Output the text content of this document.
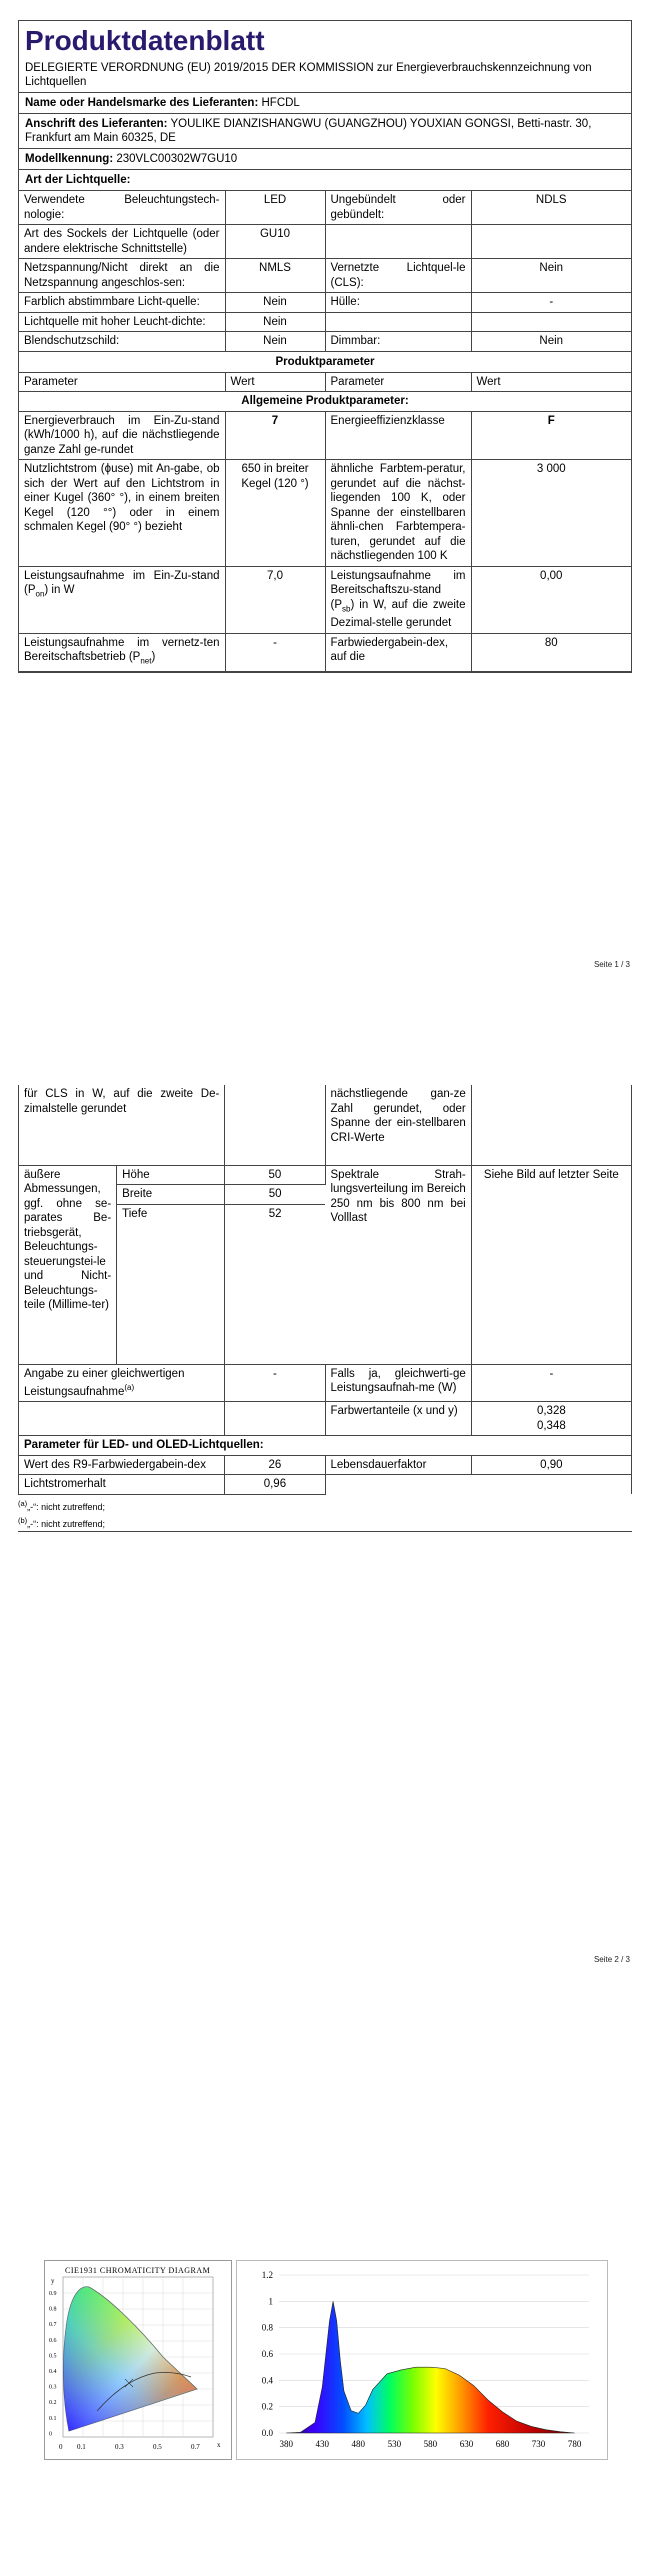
Produktdatenblatt
DELEGIERTE VERORDNUNG (EU) 2019/2015 DER KOMMISSION zur Energieverbrauchskennzeichnung von Lichtquellen
Name oder Handelsmarke des Lieferanten: HFCDL
Anschrift des Lieferanten: YOULIKE DIANZISHANGWU (GUANGZHOU) YOUXIAN GONGSI, Betti-nastr. 30, Frankfurt am Main 60325, DE
Modellkennung: 230VLC00302W7GU10
Art der Lichtquelle:
Verwendete Beleuchtungstech-nologie:	LED	Ungebündelt oder gebündelt:	NDLS
Art des Sockels der Lichtquelle (oder andere elektrische Schnittstelle)	GU10		
Netzspannung/Nicht direkt an die Netzspannung angeschlos-sen:	NMLS	Vernetzte Lichtquel-le (CLS):	Nein
Farblich abstimmbare Licht-quelle:	Nein	Hülle:	-
Lichtquelle mit hoher Leucht-dichte:	Nein		
Blendschutzschild:	Nein	Dimmbar:	Nein
Produktparameter
Parameter	Wert	Parameter	Wert
Allgemeine Produktparameter:			
Energieverbrauch im Ein-Zu-stand (kWh/1000 h), auf die nächstliegende ganze Zahl ge-rundet	7	Energieeffizienzklasse	F
Nutzlichtstrom (ϕuse) mit An-gabe, ob sich der Wert auf den Lichtstrom in einer Kugel (360° °), in einem breiten Kegel (120 °°) oder in einem schmalen Kegel (90° °) bezieht	650 in breiter Kegel (120 °)	ähnliche Farbtem-peratur, gerundet auf die nächst-liegenden 100 K, oder Spanne der einstellbaren ähnli-chen Farbtempera-turen, gerundet auf die nächstliegenden 100 K	3 000
Leistungsaufnahme im Ein-Zu-stand $(P_{on})$ in W	7,0	Leistungsaufnahme im Bereitschaftszu-stand $(P_{sb})$ in W, auf die zweite Dezimal-stelle gerundet	0,00
Leistungsaufnahme im vernetz-ten Bereitschaftsbetrieb $(P_{net})$	-	Farbwiedergabein-dex, auf die	80
Seite 1 / 3
für CLS in W, auf die zweite De-zimalstelle gerundet			nächstliegende gan-ze Zahl gerundet, oder Spanne der ein-stellbaren CRI-Werte	
äußere Abmessungen, ggf. ohne se-parates Be-triebsgerät, Beleuchtungs-steuerungstei-le und Nicht-Beleuchtungs-teile (Millime-ter)	Höhe	50	Spektrale Strah-lungsverteilung im Bereich 250 nm bis 800 nm bei Volllast	Siehe Bild auf letzter Seite
	Breite	50		
	Tiefe	52		
Angabe zu einer gleichwertigen Leistungsaufnahme$^{(a)}$		-	Falls ja, gleichwerti-ge Leistungsaufnah-me (W)	-
			Farbwertanteile (x und y)	0,328
0,348

Parameter für LED- und OLED-Lichtquellen:				
Wert des R9-Farbwiedergabein-dex		26	Lebensdauerfaktor	0,90
Lichtstromerhalt		0,96		
$^{(a)}$„-“: nicht zutreffend;
$^{(b)}$„-“: nicht zutreffend;
Seite 2 / 3
CIE1931 CHROMATICITY DIAGRAM
y
x
0.9
0.8
0.7
0.6
0.5
0.4
0.3
0.2
0.1
0
0 0.1	0.3	0.5	0.7
0.0
0.2
0.4
0.6
0.8
1
1.2
380	430	480	530	580	630	680	730	780
